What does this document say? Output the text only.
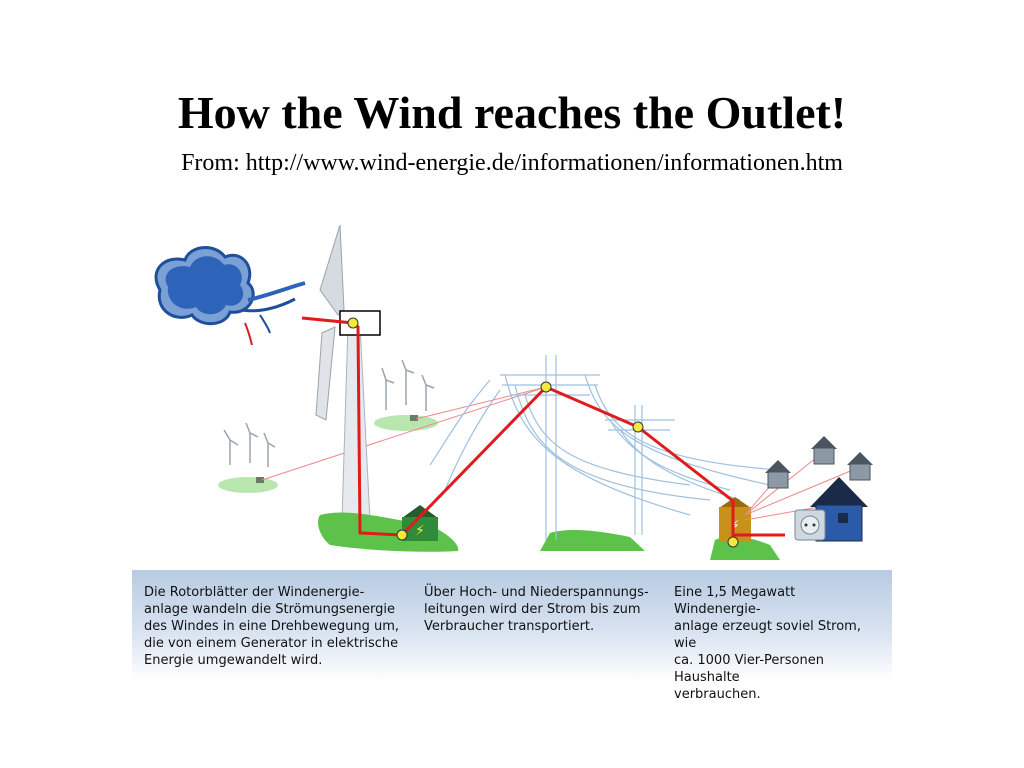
How the Wind reaches the Outlet!
From: http://www.wind-energie.de/informationen/informationen.htm
⚡	⚡
Die Rotorblätter der Windenergie-
anlage wandeln die Strömungsenergie
des Windes in eine Drehbewegung um,
die von einem Generator in elektrische
Energie umgewandelt wird.
Über Hoch- und Niederspannungs-
leitungen wird der Strom bis zum
Verbraucher transportiert.
Eine 1,5 Megawatt Windenergie-
anlage erzeugt soviel Strom, wie
ca. 1000 Vier-Personen Haushalte
verbrauchen.
